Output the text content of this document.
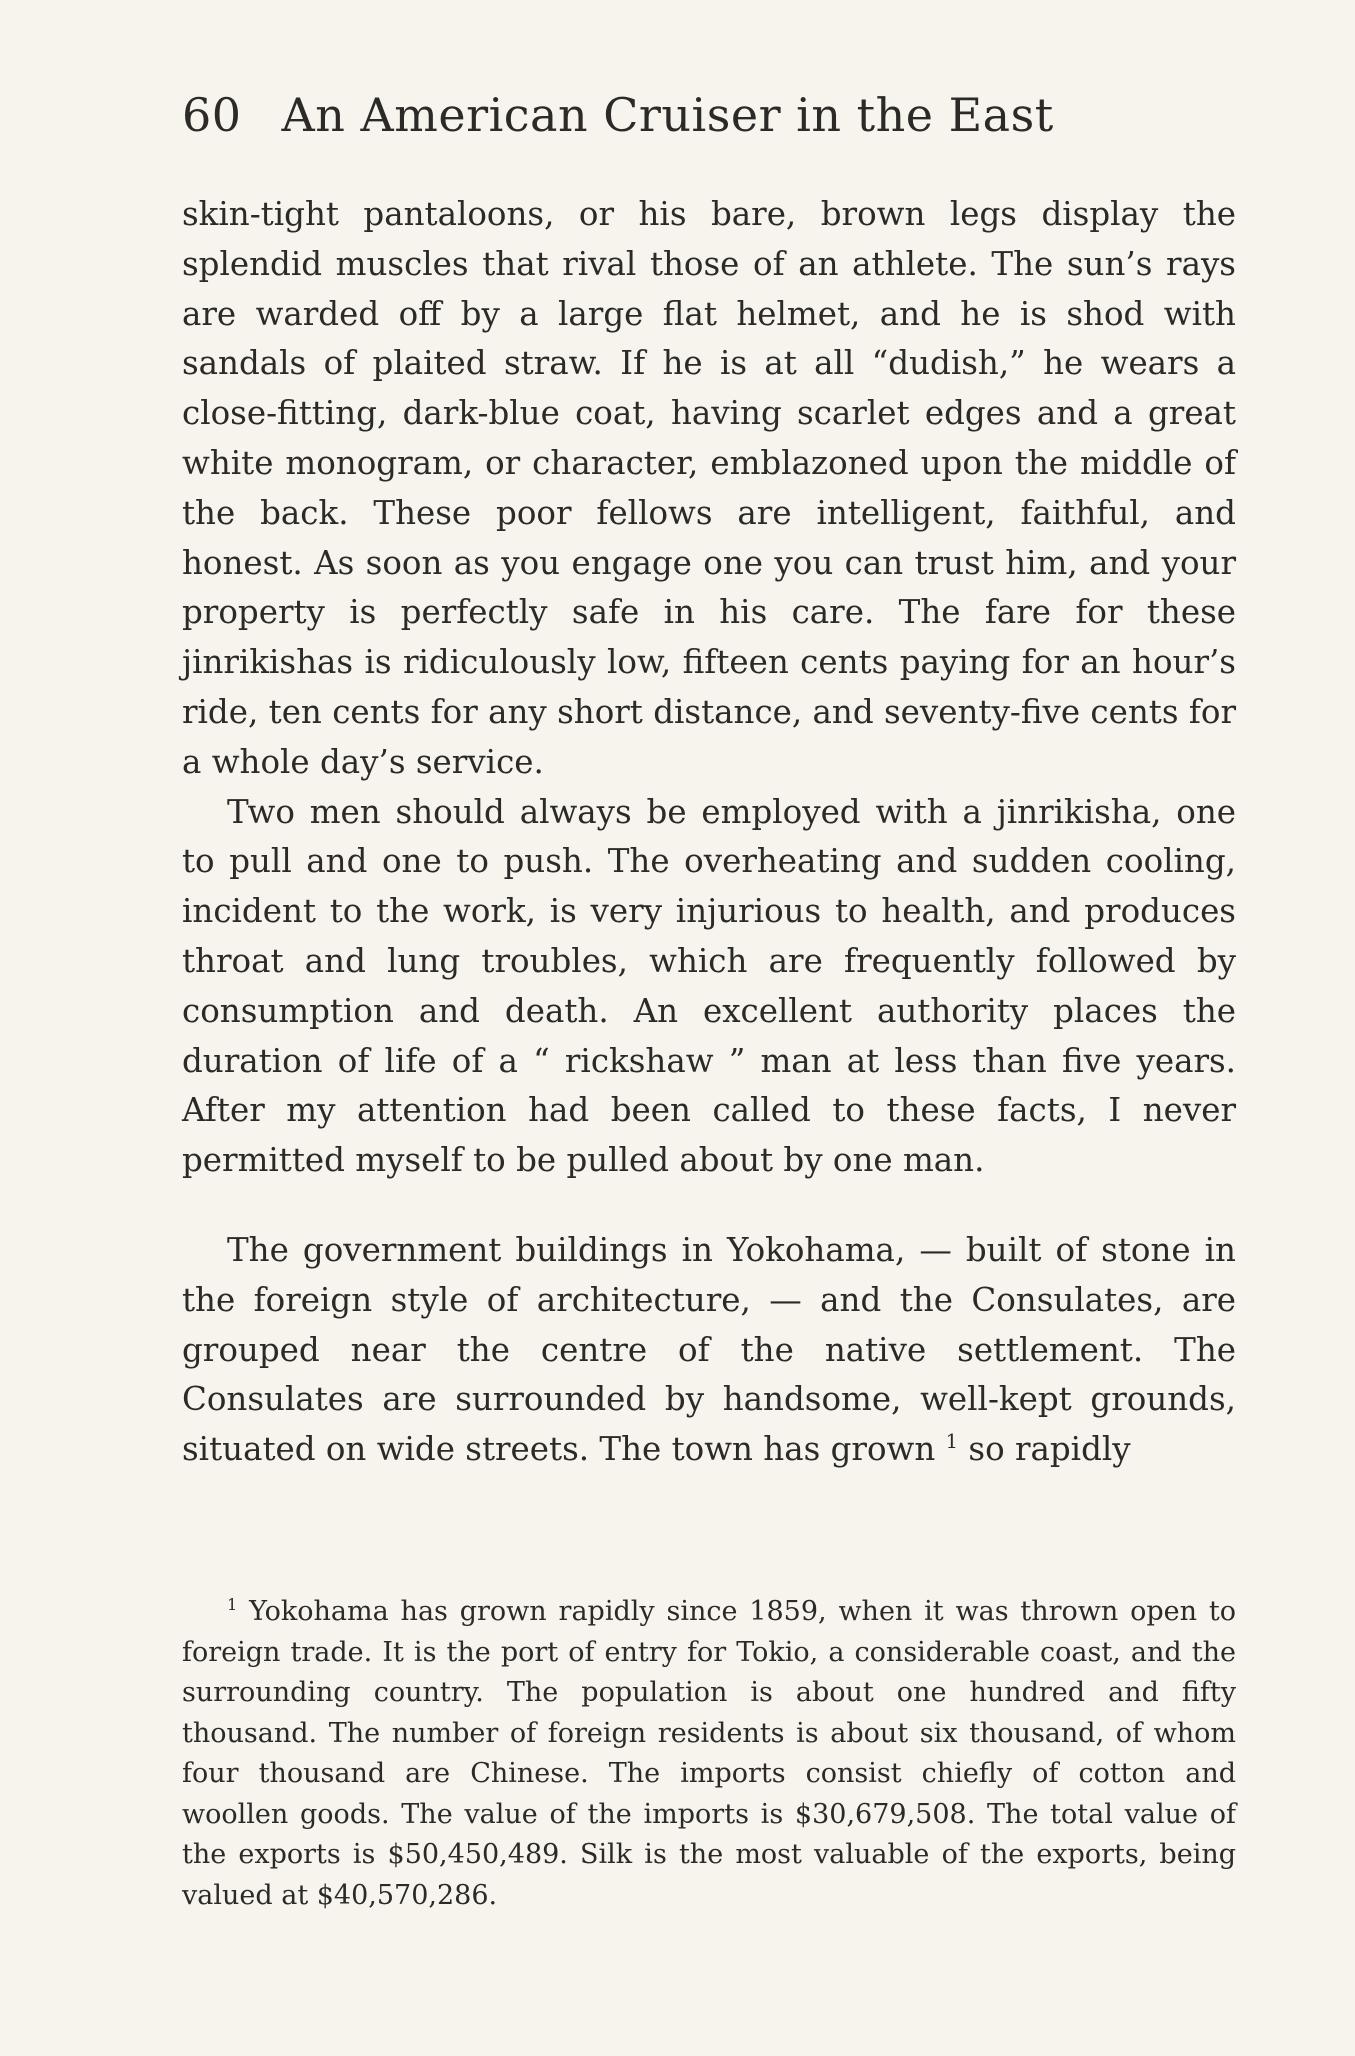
60 An American Cruiser in the East

skin-tight pantaloons, or his bare, brown legs display the splendid muscles that rival those of an athlete. The sun’s rays are warded off by a large flat helmet, and he is shod with sandals of plaited straw. If he is at all “dudish,” he wears a close-fitting, dark-blue coat, having scarlet edges and a great white monogram, or character, emblazoned upon the middle of the back. These poor fellows are intelligent, faithful, and honest. As soon as you engage one you can trust him, and your property is perfectly safe in his care. The fare for these jinrikishas is ridiculously low, fifteen cents paying for an hour’s ride, ten cents for any short distance, and seventy-five cents for a whole day’s service.

Two men should always be employed with a jinrikisha, one to pull and one to push. The overheating and sudden cooling, incident to the work, is very injurious to health, and produces throat and lung troubles, which are frequently followed by consumption and death. An excellent authority places the duration of life of a “ rickshaw ” man at less than five years. After my attention had been called to these facts, I never permitted myself to be pulled about by one man.

The government buildings in Yokohama, — built of stone in the foreign style of architecture, — and the Consulates, are grouped near the centre of the native settlement. The Consulates are surrounded by handsome, well-kept grounds, situated on wide streets. The town has grown $^1$ so rapidly

$^1$ Yokohama has grown rapidly since 1859, when it was thrown open to foreign trade. It is the port of entry for Tokio, a considerable coast, and the surrounding country. The population is about one hundred and fifty thousand. The number of foreign residents is about six thousand, of whom four thousand are Chinese. The imports consist chiefly of cotton and woollen goods. The value of the imports is $30,679,508. The total value of the exports is $50,450,489. Silk is the most valuable of the exports, being valued at $40,570,286.
